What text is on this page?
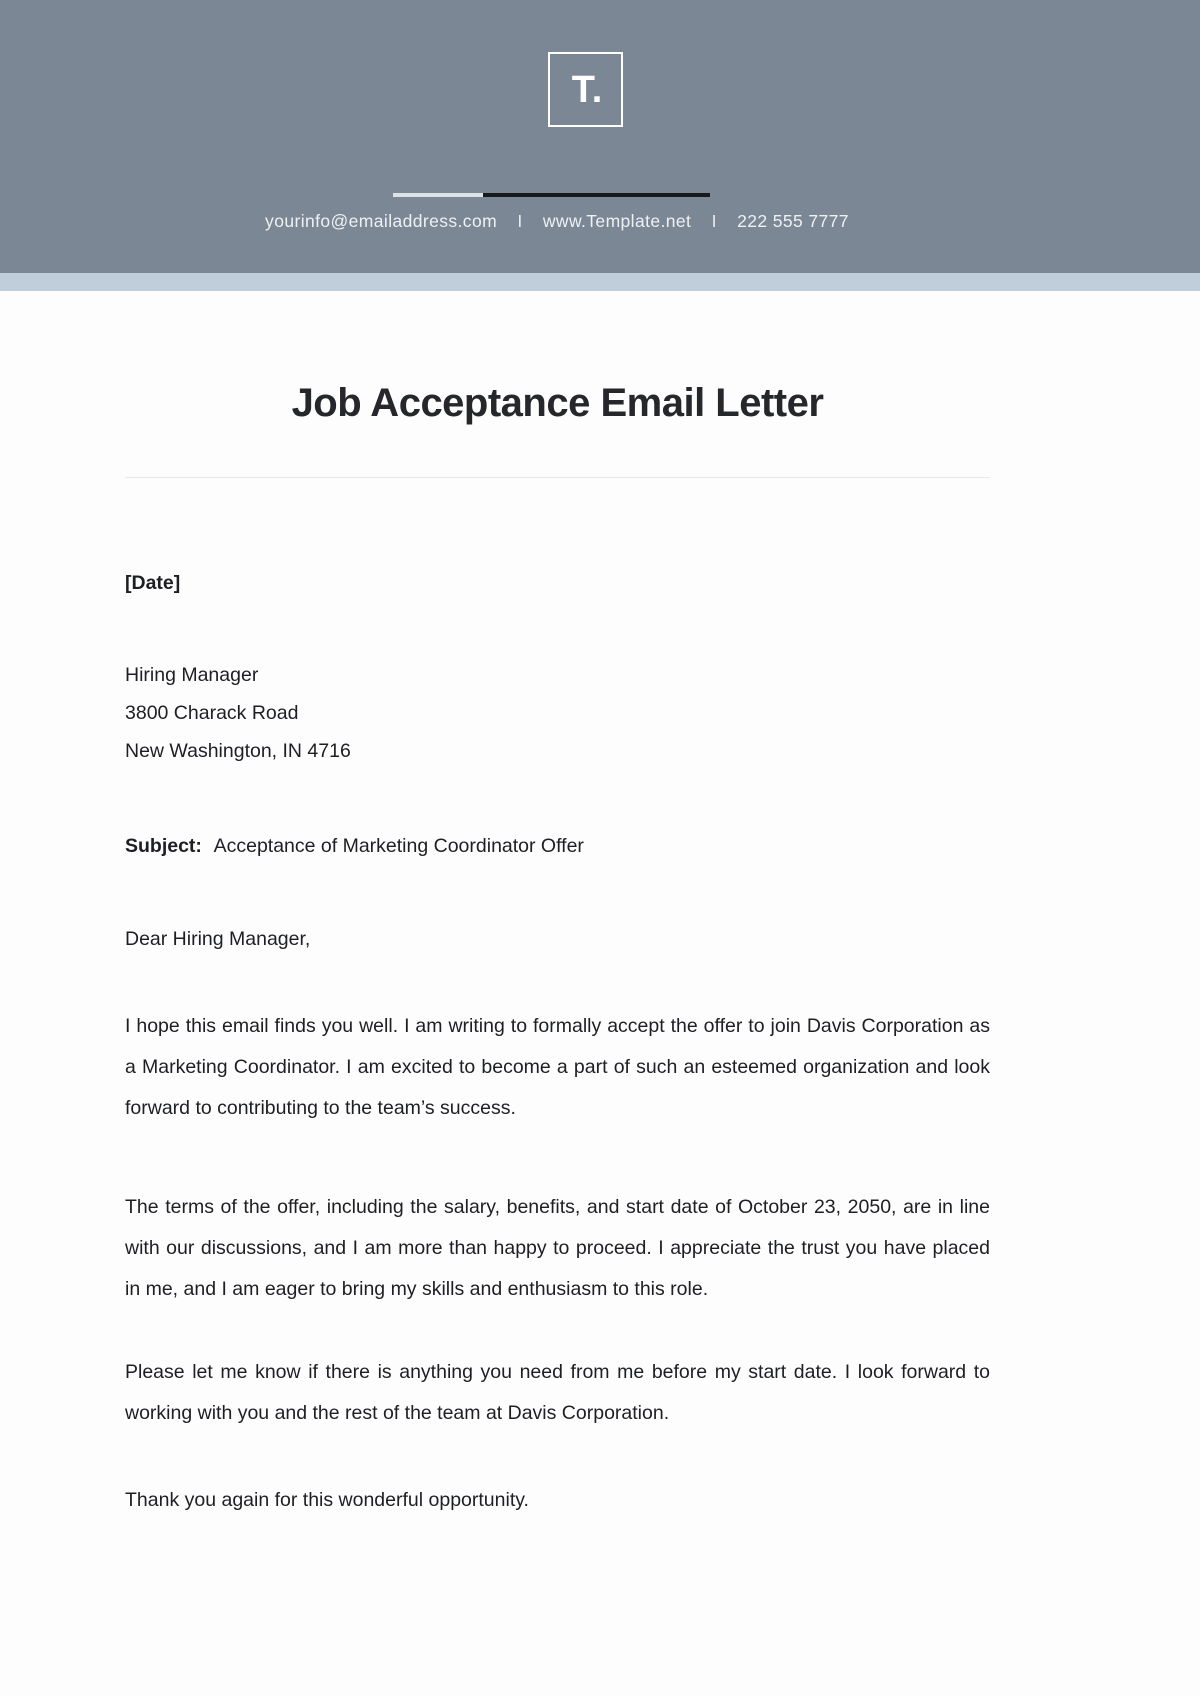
T.
yourinfo@emailaddress.com I www.Template.net I 222 555 7777
Job Acceptance Email Letter

[Date]

Hiring Manager
3800 Charack Road
New Washington, IN 4716

Subject: Acceptance of Marketing Coordinator Offer

Dear Hiring Manager,

I hope this email finds you well. I am writing to formally accept the offer to join Davis Corporation as a Marketing Coordinator. I am excited to become a part of such an esteemed organization and look forward to contributing to the team’s success.

The terms of the offer, including the salary, benefits, and start date of October 23, 2050, are in line with our discussions, and I am more than happy to proceed. I appreciate the trust you have placed in me, and I am eager to bring my skills and enthusiasm to this role.

Please let me know if there is anything you need from me before my start date. I look forward to working with you and the rest of the team at Davis Corporation.

Thank you again for this wonderful opportunity.
